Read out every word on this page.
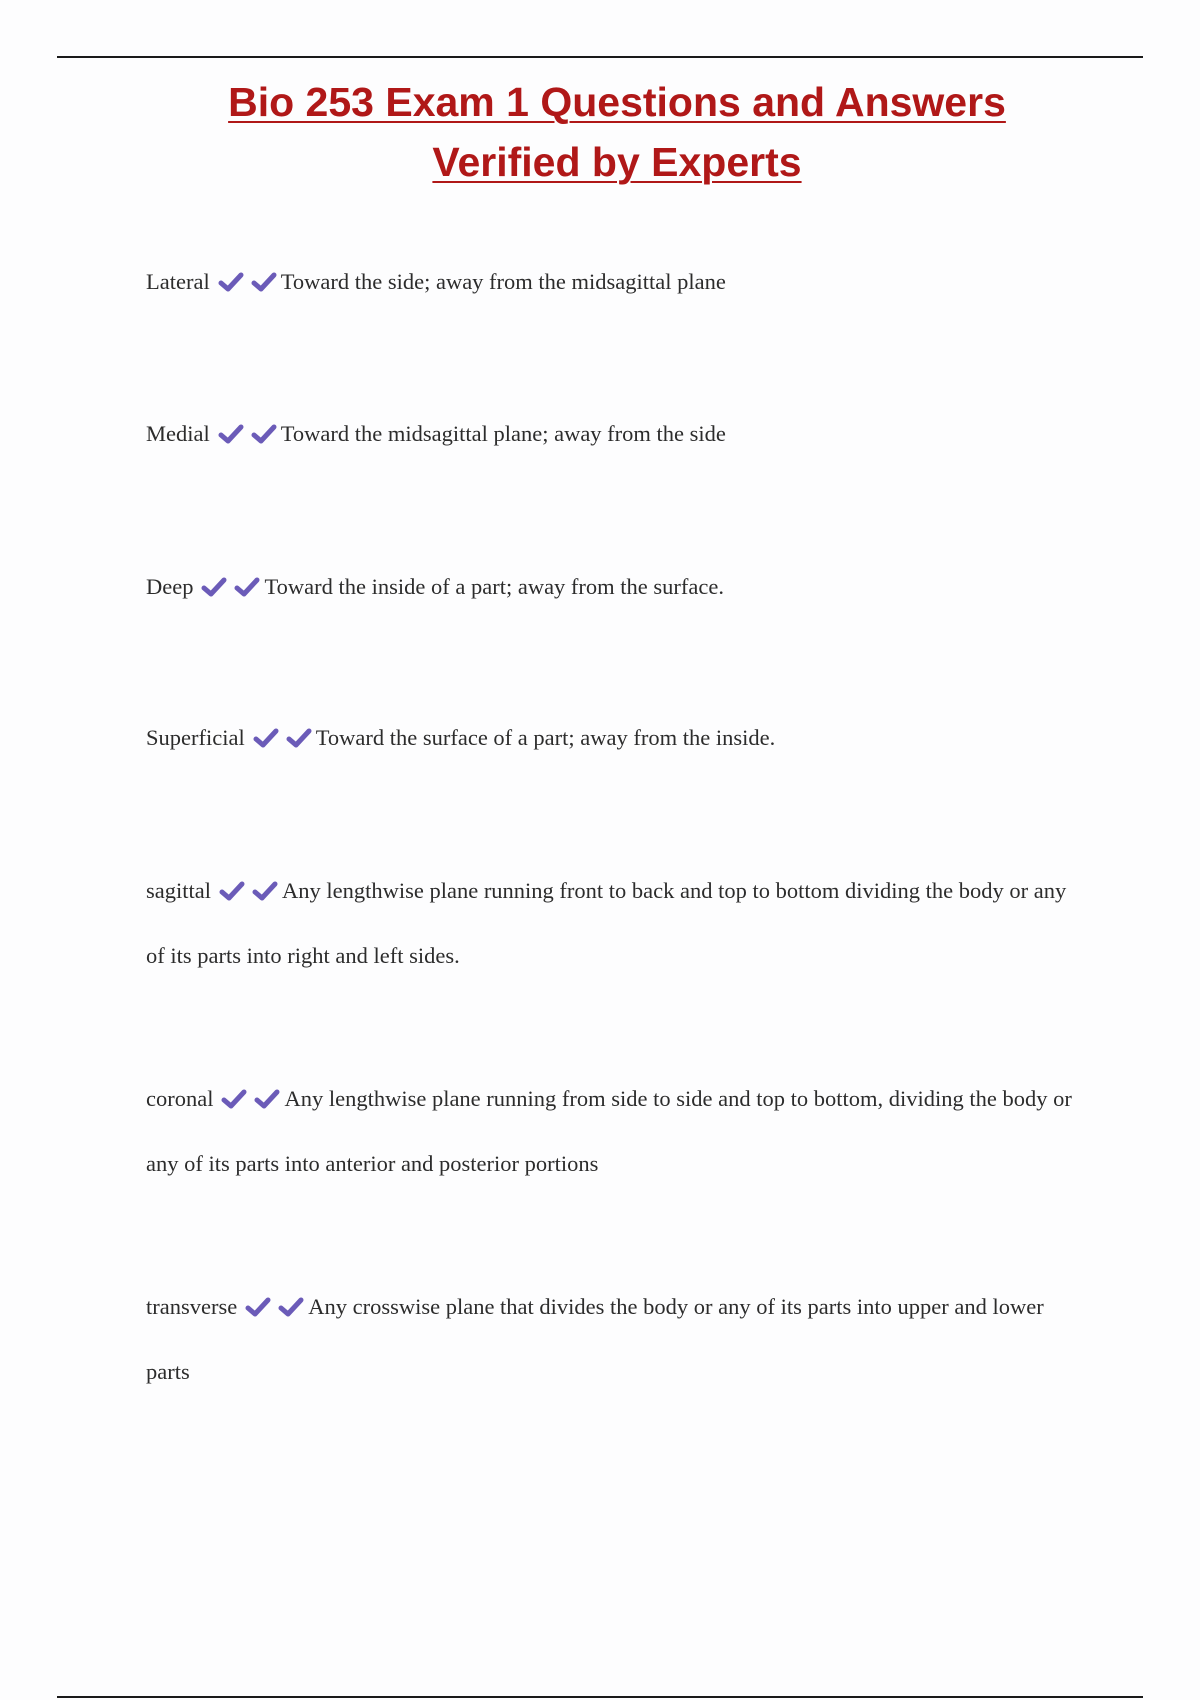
Bio 253 Exam 1 Questions and Answers
Verified by Experts

Lateral	Toward the side; away from the midsagittal plane

Medial	Toward the midsagittal plane; away from the side

Deep	Toward the inside of a part; away from the surface.

Superficial	Toward the surface of a part; away from the inside.

sagittal	Any lengthwise plane running front to back and top to bottom dividing the body or any of its parts into right and left sides.

coronal	Any lengthwise plane running from side to side and top to bottom, dividing the body or any of its parts into anterior and posterior portions

transverse	Any crosswise plane that divides the body or any of its parts into upper and lower parts
